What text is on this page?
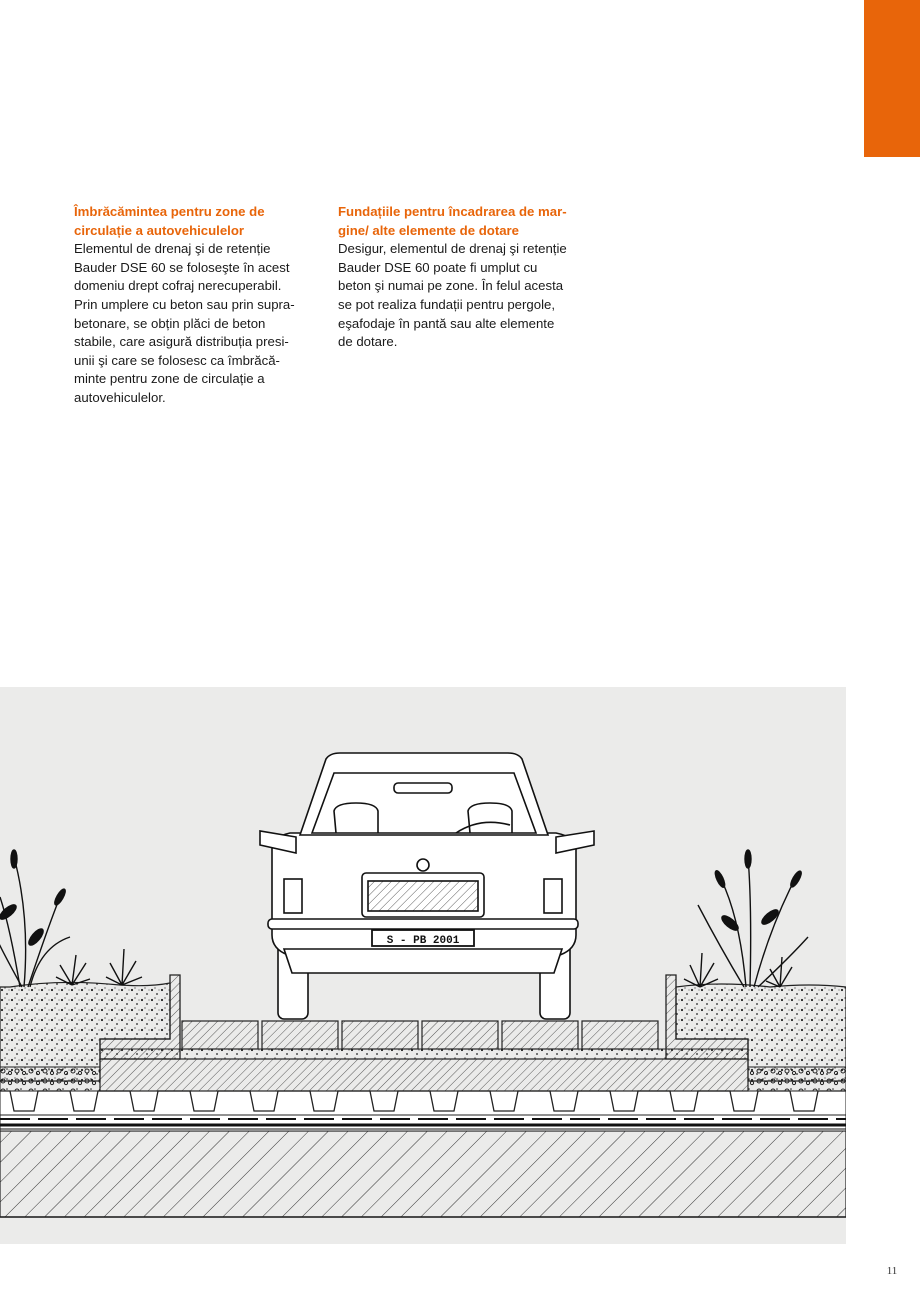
Îmbrăcămintea pentru zone de circulație a autovehiculelor

Elementul de drenaj şi de retenție
Bauder DSE 60 se foloseşte în acest
domeniu drept cofraj nerecuperabil.
Prin umplere cu beton sau prin supra-
betonare, se obțin plăci de beton
stabile, care asigură distribuția presi-
unii şi care se folosesc ca îmbrăcă-
minte pentru zone de circulație a
autovehiculelor.

Fundațiile pentru încadrarea de mar-
gine/ alte elemente de dotare

Desigur, elementul de drenaj şi retenție
Bauder DSE 60 poate fi umplut cu
beton şi numai pe zone. În felul acesta
se pot realiza fundații pentru pergole,
eşafodaje în pantă sau alte elemente
de dotare.

S - PB 2001
11
